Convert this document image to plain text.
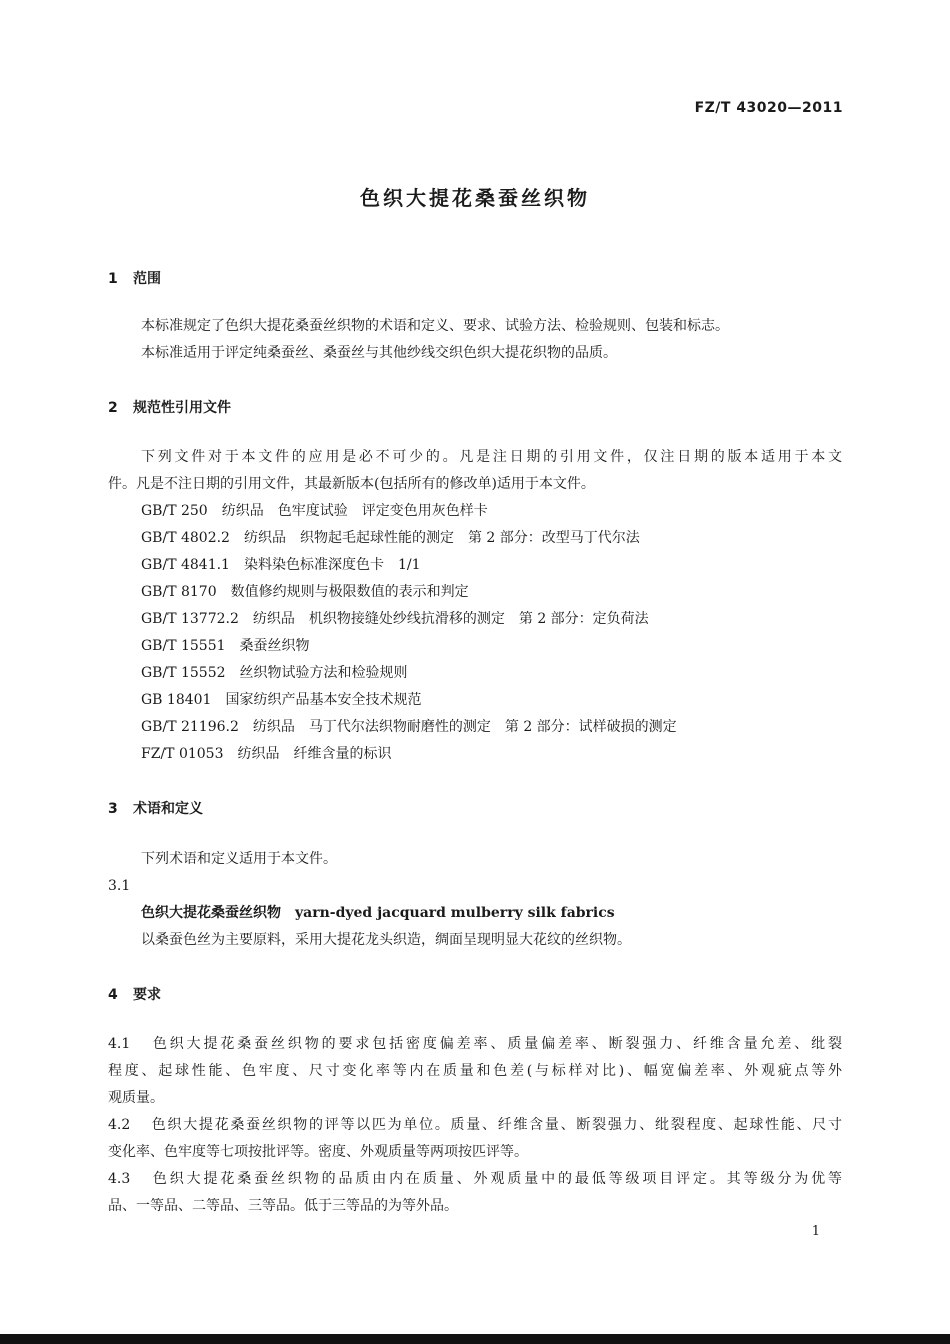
FZ/T 43020—2011
色织大提花桑蚕丝织物
1 范围
本标准规定了色织大提花桑蚕丝织物的术语和定义、要求、试验方法、检验规则、包装和标志。
本标准适用于评定纯桑蚕丝、桑蚕丝与其他纱线交织色织大提花织物的品质。
2 规范性引用文件
下列文件对于本文件的应用是必不可少的。凡是注日期的引用文件，仅注日期的版本适用于本文
件。凡是不注日期的引用文件，其最新版本(包括所有的修改单)适用于本文件。
GB/T 250 纺织品　色牢度试验　评定变色用灰色样卡
GB/T 4802.2 纺织品　织物起毛起球性能的测定　第 2 部分：改型马丁代尔法
GB/T 4841.1 染料染色标准深度色卡　1/1
GB/T 8170 数值修约规则与极限数值的表示和判定
GB/T 13772.2 纺织品　机织物接缝处纱线抗滑移的测定　第 2 部分：定负荷法
GB/T 15551 桑蚕丝织物
GB/T 15552 丝织物试验方法和检验规则
GB 18401 国家纺织产品基本安全技术规范
GB/T 21196.2 纺织品　马丁代尔法织物耐磨性的测定　第 2 部分：试样破损的测定
FZ/T 01053 纺织品　纤维含量的标识
3 术语和定义
下列术语和定义适用于本文件。
3.1
色织大提花桑蚕丝织物 yarn-dyed jacquard mulberry silk fabrics
以桑蚕色丝为主要原料，采用大提花龙头织造，绸面呈现明显大花纹的丝织物。
4 要求
4.1 色织大提花桑蚕丝织物的要求包括密度偏差率、质量偏差率、断裂强力、纤维含量允差、纰裂
程度、起球性能、色牢度、尺寸变化率等内在质量和色差(与标样对比)、幅宽偏差率、外观疵点等外
观质量。
4.2 色织大提花桑蚕丝织物的评等以匹为单位。质量、纤维含量、断裂强力、纰裂程度、起球性能、尺寸
变化率、色牢度等七项按批评等。密度、外观质量等两项按匹评等。
4.3 色织大提花桑蚕丝织物的品质由内在质量、外观质量中的最低等级项目评定。其等级分为优等
品、一等品、二等品、三等品。低于三等品的为等外品。
1
